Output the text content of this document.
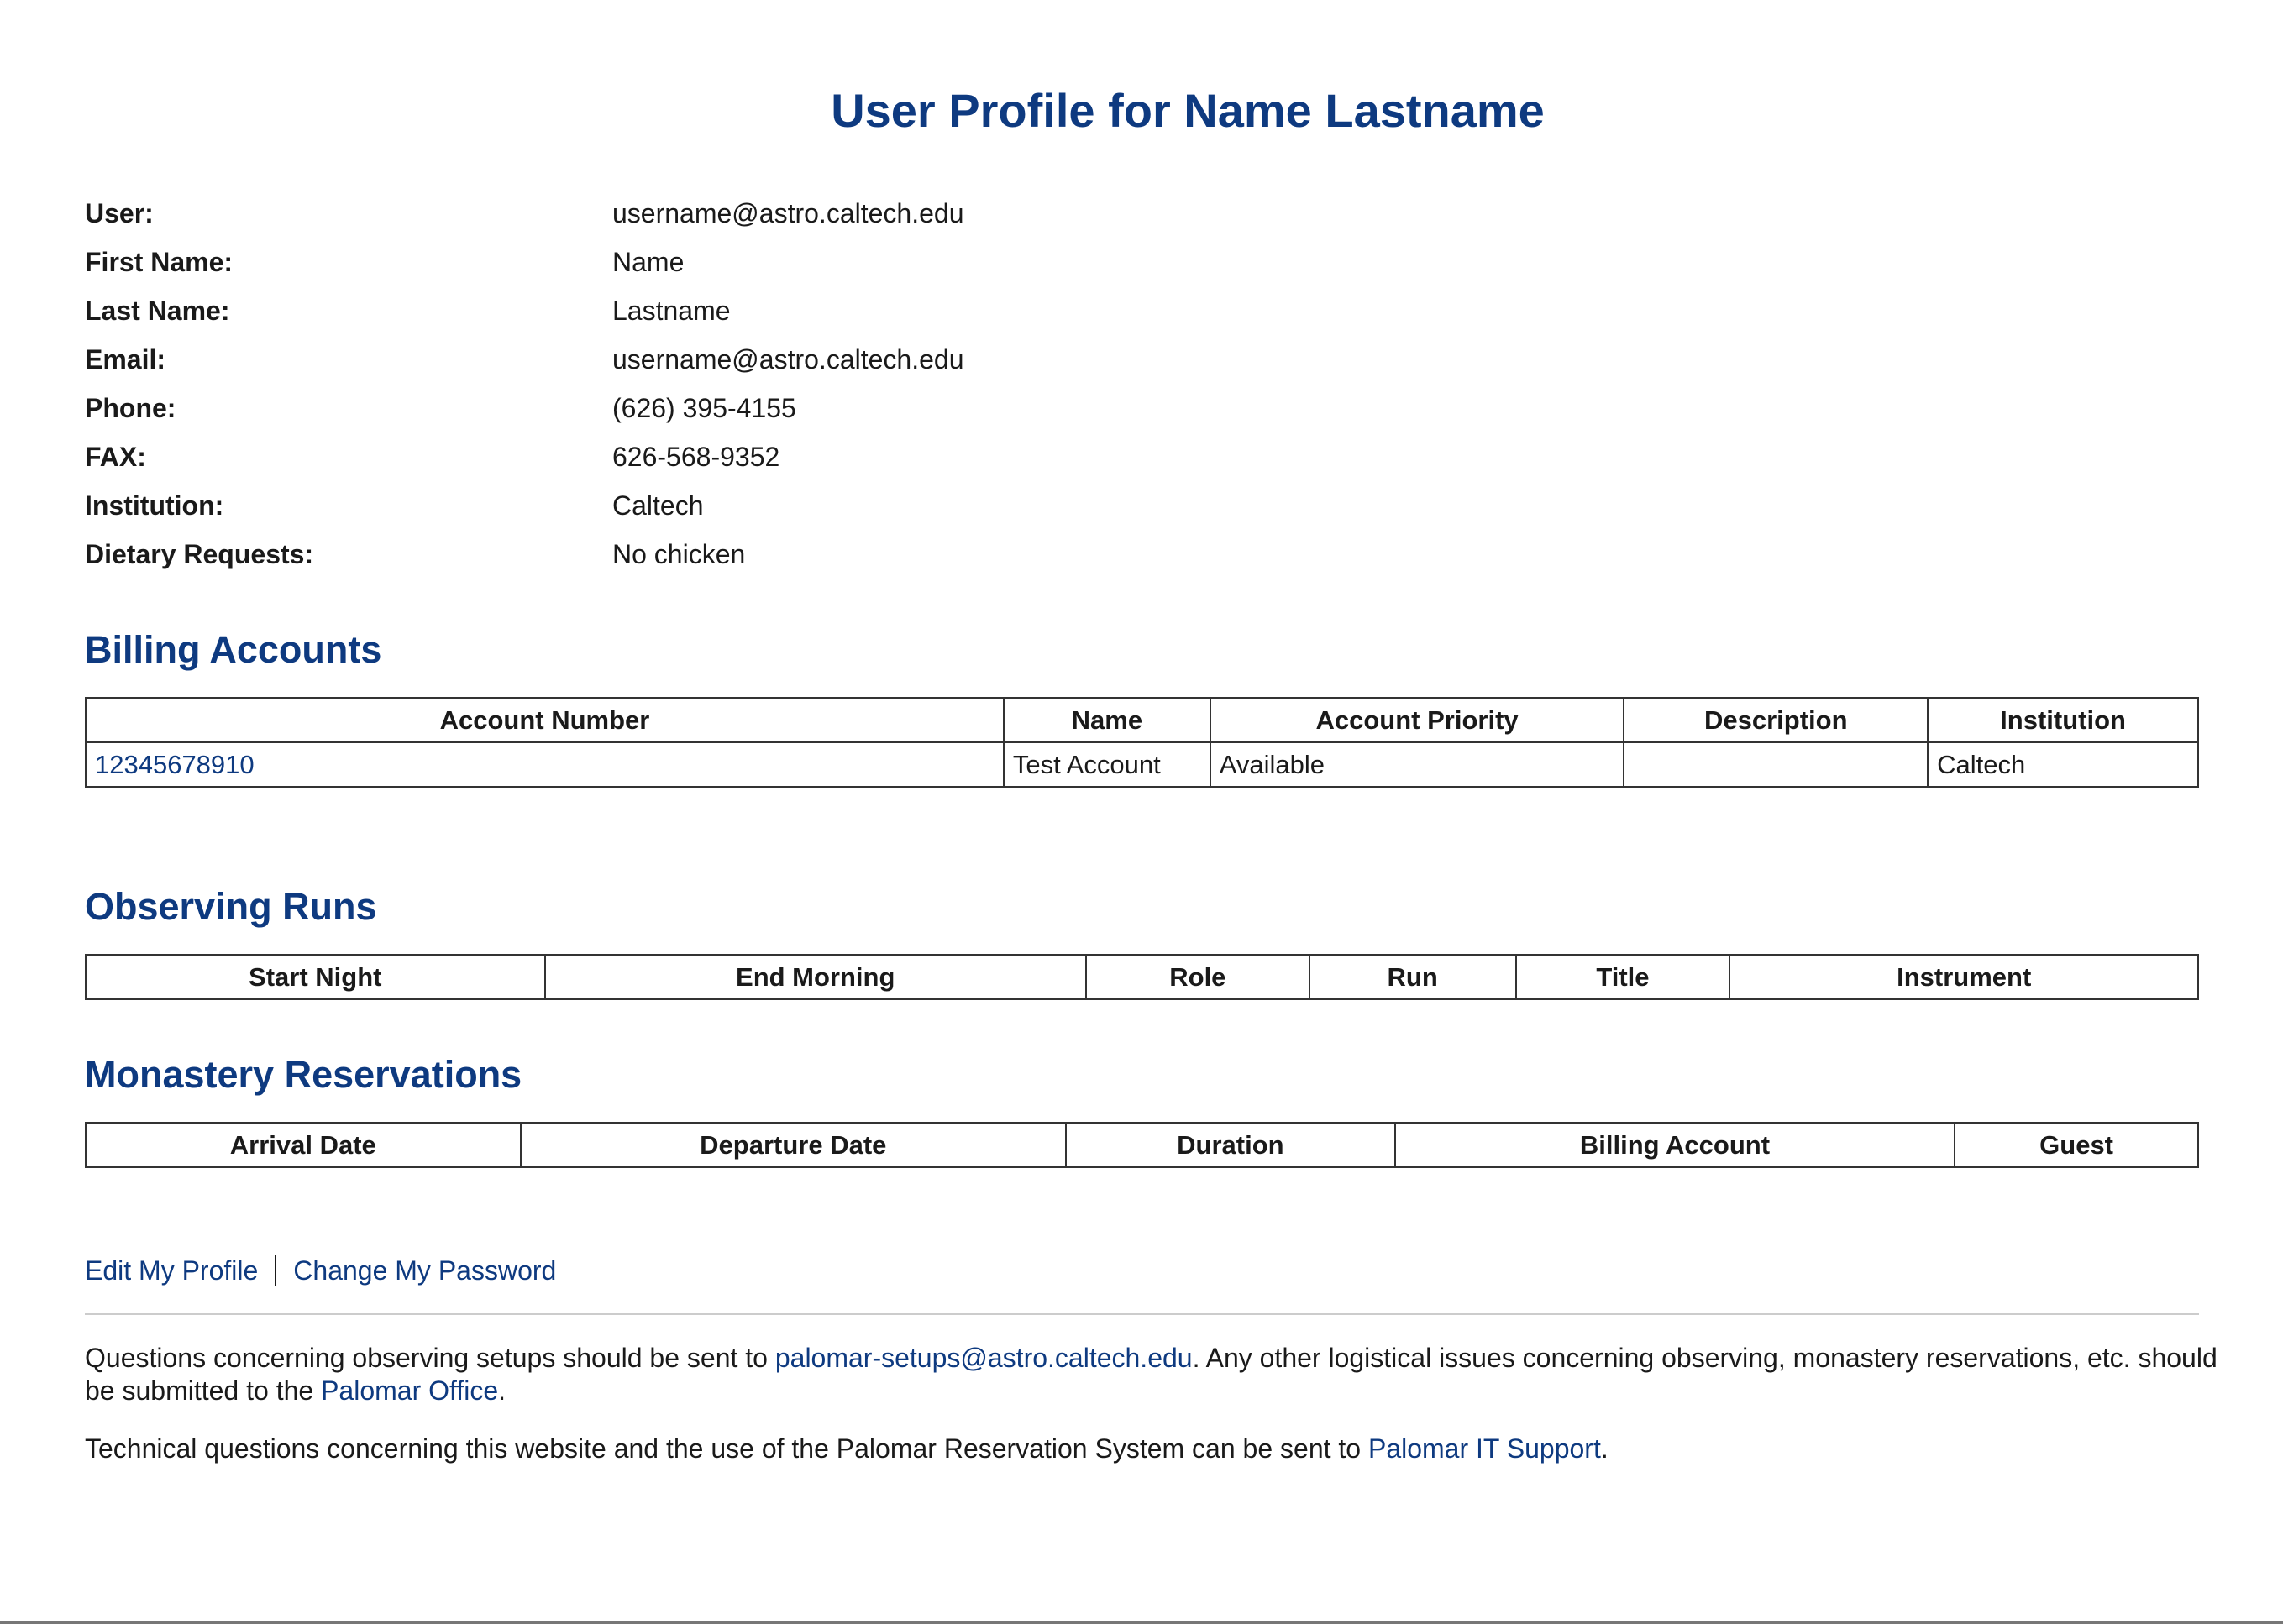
User Profile for Name Lastname
User:	username@astro.caltech.edu
First Name:	Name
Last Name:	Lastname
Email:	username@astro.caltech.edu
Phone:	(626) 395-4155
FAX:	626-568-9352
Institution:	Caltech
Dietary Requests:	No chicken
Billing Accounts
Account Number	Name	Account Priority	Description	Institution
12345678910	Test Account	Available		Caltech
Observing Runs
Start Night	End Morning	Role	Run	Title	Instrument
Monastery Reservations
Arrival Date	Departure Date	Duration	Billing Account	Guest
Edit My Profile Change My Password

Questions concerning observing setups should be sent to palomar-setups@astro.caltech.edu. Any other logistical issues concerning observing, monastery reservations, etc. should be submitted to the Palomar Office.

Technical questions concerning this website and the use of the Palomar Reservation System can be sent to Palomar IT Support.
